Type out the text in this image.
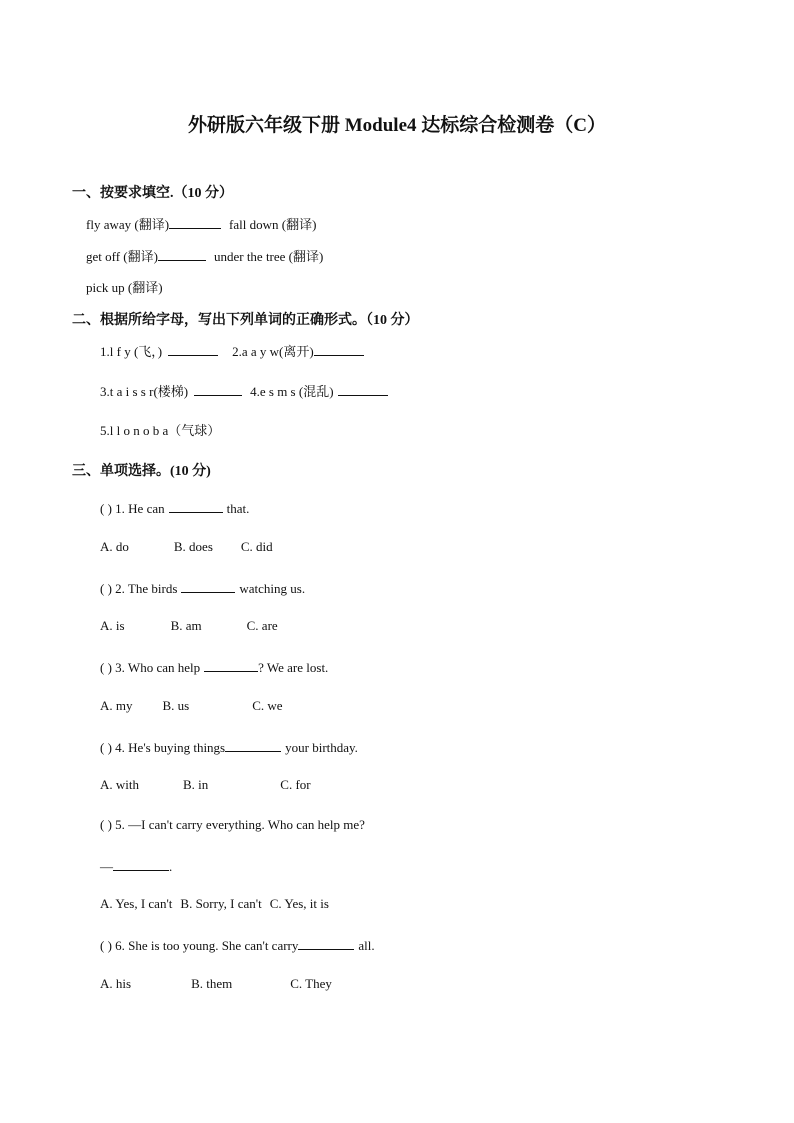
外研版六年级下册 Module4 达标综合检测卷（C）
一、按要求填空.（10 分）
fly away (翻译)	fall down (翻译)
get off (翻译)	under the tree (翻译)
pick up (翻译)
二、根据所给字母，写出下列单词的正确形式。（10 分）
1.l f y (飞，)	2.a a y w(离开)
3.t a i s s r(楼梯)	4.e s m s (混乱)
5.l l o n o b a（气球）
三、单项选择。(10 分)
( ) 1. He can	that.
A. do	B. does C. did
( ) 2. The birds	watching us.
A. is	B. am	C. are
( ) 3. Who can help	? We are lost.
A. my B. us	C. we
( ) 4. He's buying things	your birthday.
A. with	B. in	C. for
( ) 5. —I can't carry everything. Who can help me?
—	.
A. Yes, I can't B. Sorry, I can't C. Yes, it is
( ) 6. She is too young. She can't carry	all.
A. his	B. them	C. They
